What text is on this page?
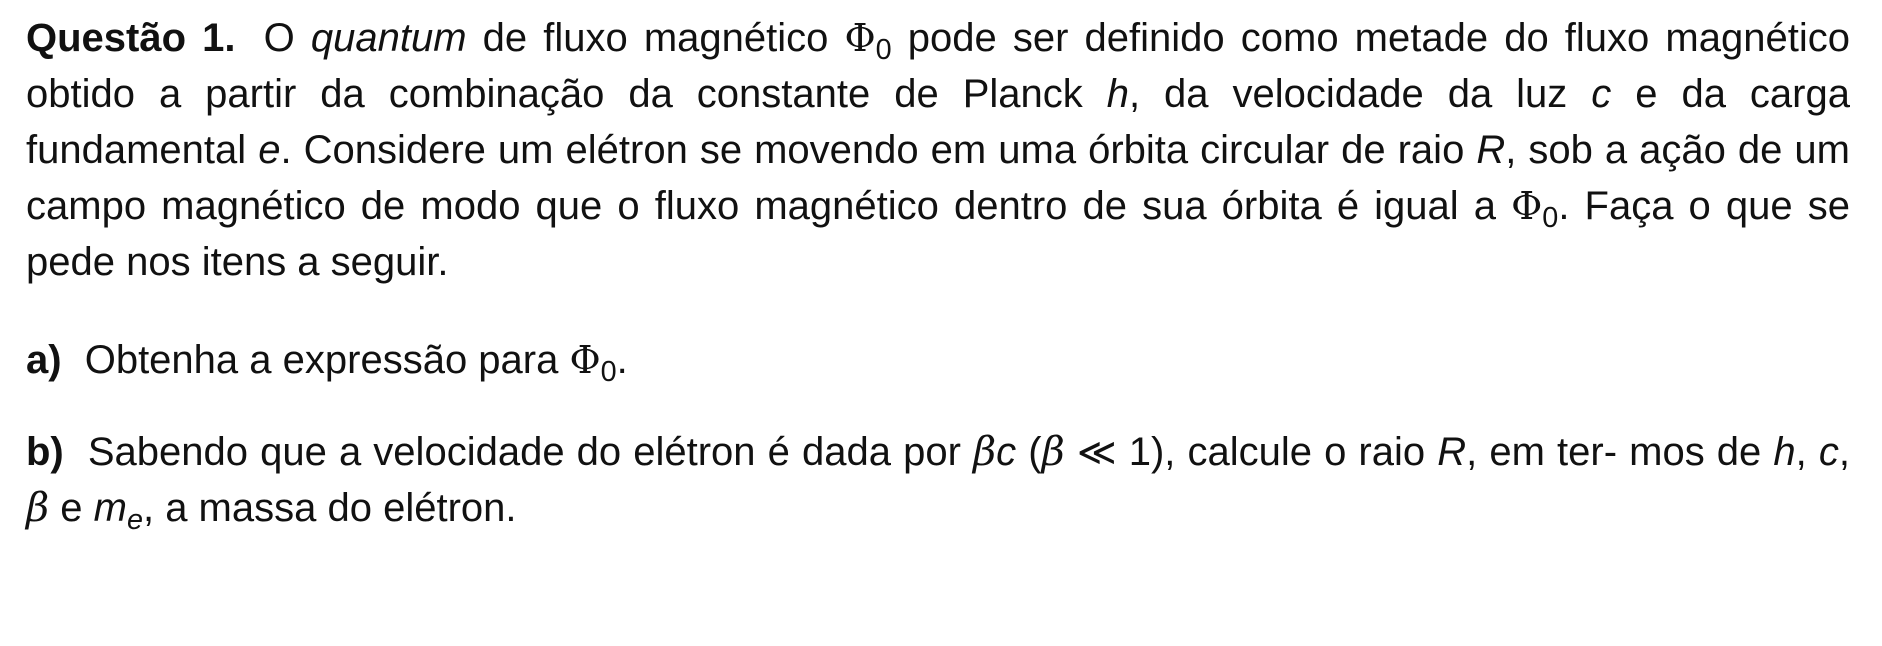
Questão 1. O quantum de fluxo magnético $\Phi_0$ pode ser definido como metade do fluxo magnético obtido a partir da combinação da constante de Planck h, da velocidade da luz c e da carga fundamental e. Considere um elétron se movendo em uma órbita circular de raio R, sob a ação de um campo magnético de modo que o fluxo magnético dentro de sua órbita é igual a $\Phi_0$. Faça o que se pede nos itens a seguir.

a) Obtenha a expressão para $\Phi_0$.

b) Sabendo que a velocidade do elétron é dada por βc (β ≪ 1), calcule o raio R, em ter- mos de h, c, β e $m_e$, a massa do elétron.
